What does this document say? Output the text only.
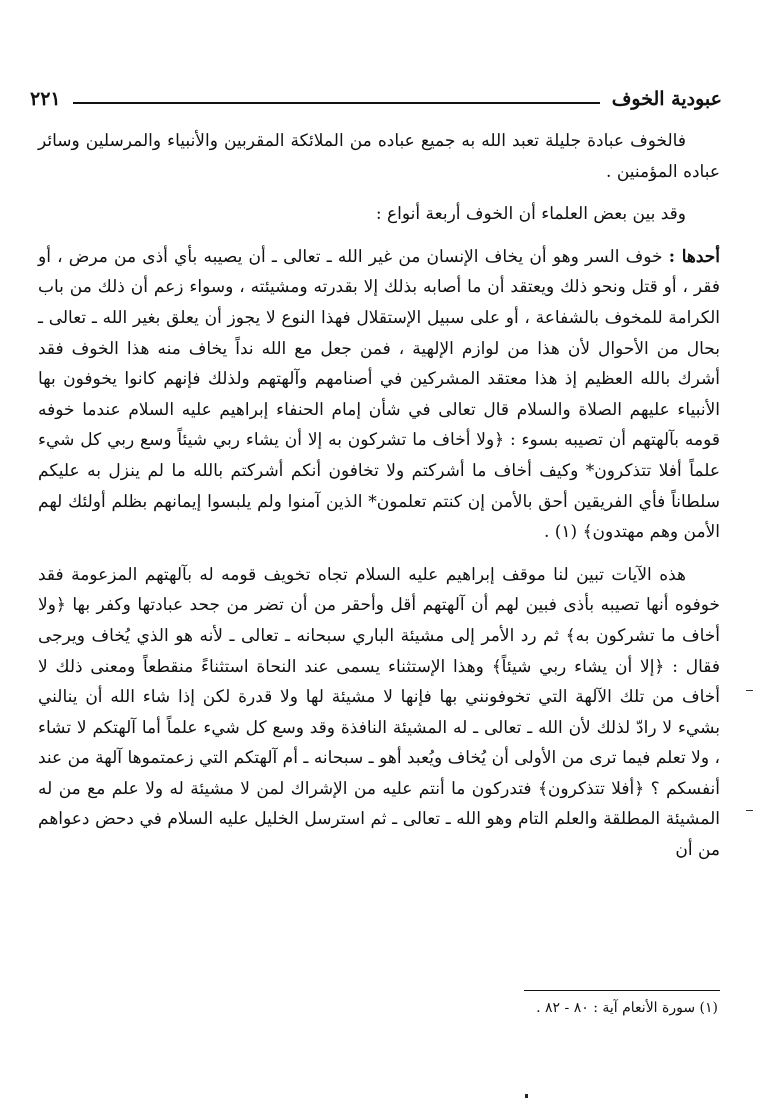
عبودية الخوف
٢٢١

فالخوف عبادة جليلة تعبد الله به جميع عباده من الملائكة المقربين والأنبياء والمرسلين وسائر عباده المؤمنين .

وقد بين بعض العلماء أن الخوف أربعة أنواع :

أحدها : خوف السر وهو أن يخاف الإنسان من غير الله ـ تعالى ـ أن يصيبه بأي أذى من مرض ، أو فقر ، أو قتل ونحو ذلك ويعتقد أن ما أصابه بذلك إلا بقدرته ومشيئته ، وسواء زعم أن ذلك من باب الكرامة للمخوف بالشفاعة ، أو على سبيل الإستقلال فهذا النوع لا يجوز أن يعلق بغير الله ـ تعالى ـ بحال من الأحوال لأن هذا من لوازم الإلهية ، فمن جعل مع الله نداً يخاف منه هذا الخوف فقد أشرك بالله العظيم إذ هذا معتقد المشركين في أصنامهم وآلهتهم ولذلك فإنهم كانوا يخوفون بها الأنبياء عليهم الصلاة والسلام قال تعالى في شأن إمام الحنفاء إبراهيم عليه السلام عندما خوفه قومه بآلهتهم أن تصيبه بسوء : ﴿ولا أخاف ما تشركون به إلا أن يشاء ربي شيئاً وسع ربي كل شيء علماً أفلا تتذكرون* وكيف أخاف ما أشركتم ولا تخافون أنكم أشركتم بالله ما لم ينزل به عليكم سلطاناً فأي الفريقين أحق بالأمن إن كنتم تعلمون* الذين آمنوا ولم يلبسوا إيمانهم بظلم أولئك لهم الأمن وهم مهتدون﴾ (١) .

هذه الآيات تبين لنا موقف إبراهيم عليه السلام تجاه تخويف قومه له بآلهتهم المزعومة فقد خوفوه أنها تصيبه بأذى فبين لهم أن آلهتهم أقل وأحقر من أن تضر من جحد عبادتها وكفر بها ﴿ولا أخاف ما تشركون به﴾ ثم رد الأمر إلى مشيئة الباري سبحانه ـ تعالى ـ لأنه هو الذي يُخاف ويرجى فقال : ﴿إلا أن يشاء ربي شيئاً﴾ وهذا الإستثناء يسمى عند النحاة استثناءً منقطعاً ومعنى ذلك لا أخاف من تلك الآلهة التي تخوفونني بها فإنها لا مشيئة لها ولا قدرة لكن إذا شاء الله أن ينالني بشيء لا رادّ لذلك لأن الله ـ تعالى ـ له المشيئة النافذة وقد وسع كل شيء علماً أما آلهتكم لا تشاء ، ولا تعلم فيما ترى من الأولى أن يُخاف ويُعبد أهو ـ سبحانه ـ أم آلهتكم التي زعمتموها آلهة من عند أنفسكم ؟ ﴿أفلا تتذكرون﴾ فتدركون ما أنتم عليه من الإشراك لمن لا مشيئة له ولا علم مع من له المشيئة المطلقة والعلم التام وهو الله ـ تعالى ـ ثم استرسل الخليل عليه السلام في دحض دعواهم من أن

(١) سورة الأنعام آية : ٨٠ - ٨٢ .
